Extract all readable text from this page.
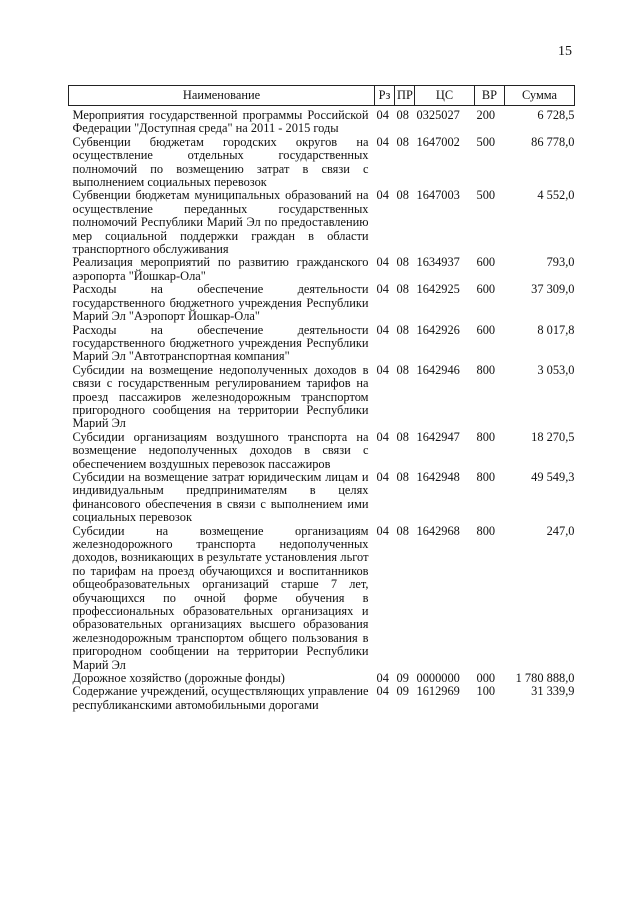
15
Наименование	Рз	ПР	ЦС	ВР	Сумма
Мероприятия государственной программы Российской Федерации "Доступная среда" на 2011 - 2015 годы	04	08	0325027	200	6 728,5
Субвенции бюджетам городских округов на осуществление отдельных государственных полномочий по возмещению затрат в связи с выполнением социальных перевозок	04	08	1647002	500	86 778,0
Субвенции бюджетам муниципальных образований на осуществление переданных государственных полномочий Республики Марий Эл по предоставлению мер социальной поддержки граждан в области транспортного обслуживания	04	08	1647003	500	4 552,0
Реализация мероприятий по развитию гражданского аэропорта "Йошкар-Ола"	04	08	1634937	600	793,0
Расходы на обеспечение деятельности государственного бюджетного учреждения Республики Марий Эл "Аэропорт Йошкар-Ола"	04	08	1642925	600	37 309,0
Расходы на обеспечение деятельности государственного бюджетного учреждения Республики Марий Эл "Автотранспортная компания"	04	08	1642926	600	8 017,8
Субсидии на возмещение недополученных доходов в связи с государственным регулированием тарифов на проезд пассажиров железнодорожным транспортом пригородного сообщения на территории Республики Марий Эл	04	08	1642946	800	3 053,0
Субсидии организациям воздушного транспорта на возмещение недополученных доходов в связи с обеспечением воздушных перевозок пассажиров	04	08	1642947	800	18 270,5
Субсидии на возмещение затрат юридическим лицам и индивидуальным предпринимателям в целях финансового обеспечения в связи с выполнением ими социальных перевозок	04	08	1642948	800	49 549,3
Субсидии на возмещение организациям железнодорожного транспорта недополученных доходов, возникающих в результате установления льгот по тарифам на проезд обучающихся и воспитанников общеобразовательных организаций старше 7 лет, обучающихся по очной форме обучения в профессиональных образовательных организациях и образовательных организациях высшего образования железнодорожным транспортом общего пользования в пригородном сообщении на территории Республики Марий Эл	04	08	1642968	800	247,0
Дорожное хозяйство (дорожные фонды)	04	09	0000000	000	1 780 888,0
Содержание учреждений, осуществляющих управление республиканскими автомобильными дорогами	04	09	1612969	100	31 339,9
